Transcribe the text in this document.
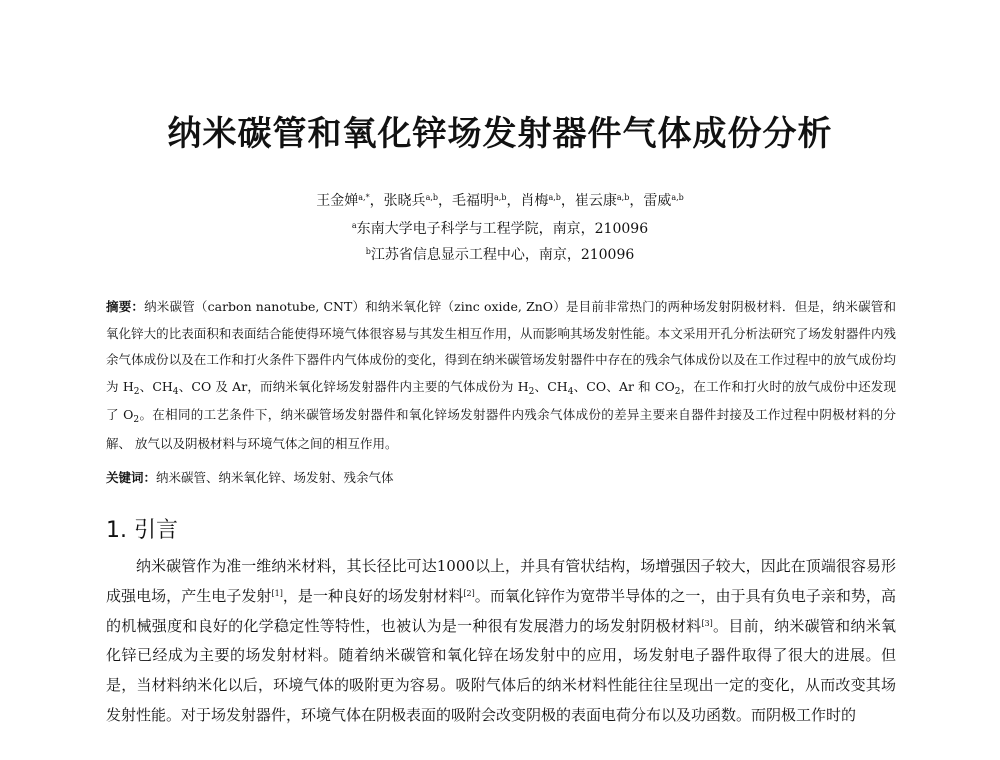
纳米碳管和氧化锌场发射器件气体成份分析
王金婵$^{a,*}$，张晓兵$^{a,b}$，毛福明$^{a,b}$，肖梅$^{a,b}$，崔云康$^{a,b}$，雷威$^{a,b}$
$^a$东南大学电子科学与工程学院，南京，210096
$^b$江苏省信息显示工程中心，南京，210096
摘要：纳米碳管（carbon nanotube, CNT）和纳米氧化锌（zinc oxide, ZnO）是目前非常热门的两种场发射阴极材料．但是，纳米碳管和氧化锌大的比表面积和表面结合能使得环境气体很容易与其发生相互作用，从而影响其场发射性能。本文采用开孔分析法研究了场发射器件内残余气体成份以及在工作和打火条件下器件内气体成份的变化，得到在纳米碳管场发射器件中存在的残余气体成份以及在工作过程中的放气成份均为 $H_2$、$CH_4$、CO 及 Ar，而纳米氧化锌场发射器件内主要的气体成份为 $H_2$、$CH_4$、CO、Ar 和 $CO_2$，在工作和打火时的放气成份中还发现了 $O_2$。在相同的工艺条件下，纳米碳管场发射器件和氧化锌场发射器件内残余气体成份的差异主要来自器件封接及工作过程中阴极材料的分解、 放气以及阴极材料与环境气体之间的相互作用。
关键词：纳米碳管、纳米氧化锌、场发射、残余气体
1. 引言

纳米碳管作为准一维纳米材料，其长径比可达1000以上，并具有管状结构，场增强因子较大，因此在顶端很容易形成强电场，产生电子发射[1]，是一种良好的场发射材料[2]。而氧化锌作为宽带半导体的之一，由于具有负电子亲和势，高的机械强度和良好的化学稳定性等特性，也被认为是一种很有发展潜力的场发射阴极材料[3]。目前，纳米碳管和纳米氧化锌已经成为主要的场发射材料。随着纳米碳管和氧化锌在场发射中的应用，场发射电子器件取得了很大的进展。但是，当材料纳米化以后，环境气体的吸附更为容易。吸附气体后的纳米材料性能往往呈现出一定的变化，从而改变其场发射性能。对于场发射器件，环境气体在阴极表面的吸附会改变阴极的表面电荷分布以及功函数。而阴极工作时的
